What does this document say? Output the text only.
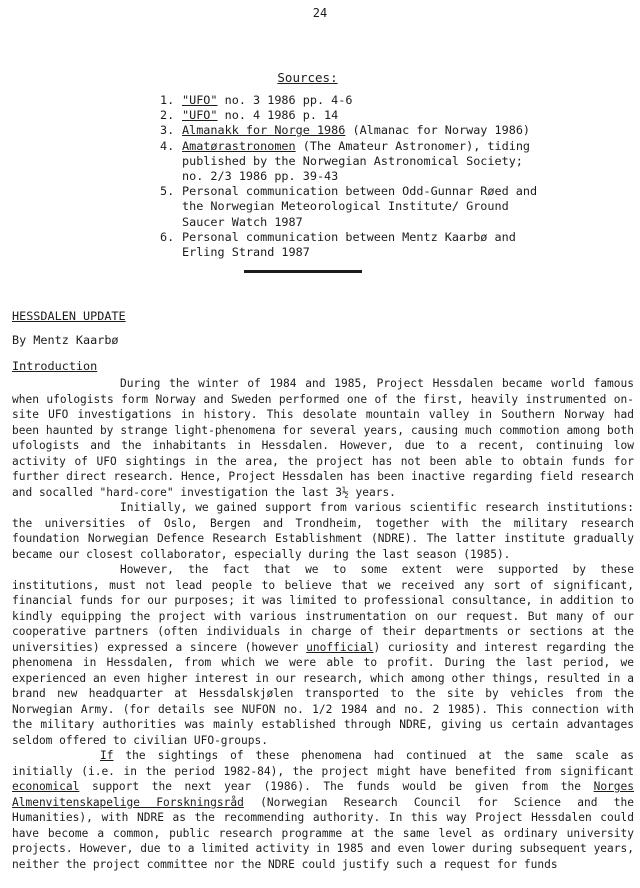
24
Sources:
1. "UFO" no. 3 1986 pp. 4-6
2. "UFO" no. 4 1986 p. 14
3. Almanakk for Norge 1986 (Almanac for Norway 1986)
4. Amatørastronomen (The Amateur Astronomer), tiding published by the Norwegian Astronomical Society; no. 2/3 1986 pp. 39-43
5. Personal communication between Odd-Gunnar Røed and the Norwegian Meteorological Institute/ Ground Saucer Watch 1987
6. Personal communication between Mentz Kaarbø and Erling Strand 1987
HESSDALEN UPDATE
By Mentz Kaarbø
Introduction

During the winter of 1984 and 1985, Project Hessdalen became world famous when ufologists form Norway and Sweden performed one of the first, heavily instrumented on-site UFO investigations in history. This desolate mountain valley in Southern Norway had been haunted by strange light-phenomena for several years, causing much commotion among both ufologists and the inhabitants in Hessdalen. However, due to a recent, continuing low activity of UFO sightings in the area, the project has not been able to obtain funds for further direct research. Hence, Project Hessdalen has been inactive regarding field research and socalled "hard-core" investigation the last 3½ years.

Initially, we gained support from various scientific research institutions: the universities of Oslo, Bergen and Trondheim, together with the military research foundation Norwegian Defence Research Establishment (NDRE). The latter institute gradually became our closest collaborator, especially during the last season (1985).

However, the fact that we to some extent were supported by these institutions, must not lead people to believe that we received any sort of significant, financial funds for our purposes; it was limited to professional consultance, in addition to kindly equipping the project with various instrumentation on our request. But many of our cooperative partners (often individuals in charge of their departments or sections at the universities) expressed a sincere (however unofficial) curiosity and interest regarding the phenomena in Hessdalen, from which we were able to profit. During the last period, we experienced an even higher interest in our research, which among other things, resulted in a brand new headquarter at Hessdalskjølen transported to the site by vehicles from the Norwegian Army. (for details see NUFON no. 1/2 1984 and no. 2 1985). This connection with the military authorities was mainly established through NDRE, giving us certain advantages seldom offered to civilian UFO-groups.

If the sightings of these phenomena had continued at the same scale as initially (i.e. in the period 1982-84), the project might have benefited from significant economical support the next year (1986). The funds would be given from the Norges Almenvitenskapelige Forskningsråd (Norwegian Research Council for Science and the Humanities), with NDRE as the recommending authority. In this way Project Hessdalen could have become a common, public research programme at the same level as ordinary university projects. However, due to a limited activity in 1985 and even lower during subsequent years, neither the project committee nor the NDRE could justify such a request for funds
